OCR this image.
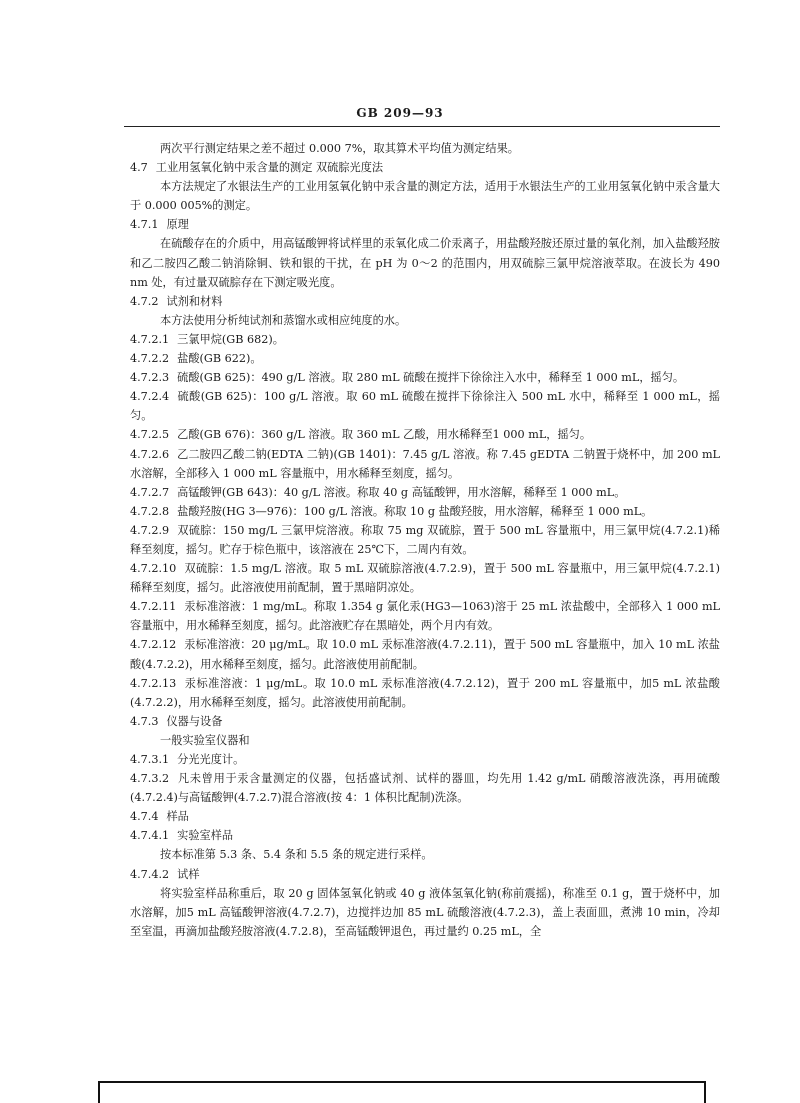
GB 209—93
两次平行测定结果之差不超过 0.000 7%，取其算术平均值为测定结果。
4.7 工业用氢氧化钠中汞含量的测定 双硫腙光度法
本方法规定了水银法生产的工业用氢氧化钠中汞含量的测定方法，适用于水银法生产的工业用氢氧化钠中汞含量大于 0.000 005%的测定。
4.7.1 原理
在硫酸存在的介质中，用高锰酸钾将试样里的汞氧化成二价汞离子，用盐酸羟胺还原过量的氧化剂，加入盐酸羟胺和乙二胺四乙酸二钠消除铜、铁和银的干扰，在 pH 为 0～2 的范围内，用双硫腙三氯甲烷溶液萃取。在波长为 490 nm 处，有过量双硫腙存在下测定吸光度。
4.7.2 试剂和材料
本方法使用分析纯试剂和蒸馏水或相应纯度的水。
4.7.2.1 三氯甲烷(GB 682)。
4.7.2.2 盐酸(GB 622)。
4.7.2.3 硫酸(GB 625)：490 g/L 溶液。取 280 mL 硫酸在搅拌下徐徐注入水中，稀释至 1 000 mL，摇匀。
4.7.2.4 硫酸(GB 625)：100 g/L 溶液。取 60 mL 硫酸在搅拌下徐徐注入 500 mL 水中，稀释至 1 000 mL，摇匀。
4.7.2.5 乙酸(GB 676)：360 g/L 溶液。取 360 mL 乙酸，用水稀释至1 000 mL，摇匀。
4.7.2.6 乙二胺四乙酸二钠(EDTA 二钠)(GB 1401)：7.45 g/L 溶液。称 7.45 gEDTA 二钠置于烧杯中，加 200 mL 水溶解，全部移入 1 000 mL 容量瓶中，用水稀释至刻度，摇匀。
4.7.2.7 高锰酸钾(GB 643)：40 g/L 溶液。称取 40 g 高锰酸钾，用水溶解，稀释至 1 000 mL。
4.7.2.8 盐酸羟胺(HG 3—976)：100 g/L 溶液。称取 10 g 盐酸羟胺，用水溶解，稀释至 1 000 mL。
4.7.2.9 双硫腙：150 mg/L 三氯甲烷溶液。称取 75 mg 双硫腙，置于 500 mL 容量瓶中，用三氯甲烷(4.7.2.1)稀释至刻度，摇匀。贮存于棕色瓶中，该溶液在 25℃下，二周内有效。
4.7.2.10 双硫腙：1.5 mg/L 溶液。取 5 mL 双硫腙溶液(4.7.2.9)，置于 500 mL 容量瓶中，用三氯甲烷(4.7.2.1)稀释至刻度，摇匀。此溶液使用前配制，置于黑暗阴凉处。
4.7.2.11 汞标准溶液：1 mg/mL。称取 1.354 g 氯化汞(HG3—1063)溶于 25 mL 浓盐酸中，全部移入 1 000 mL 容量瓶中，用水稀释至刻度，摇匀。此溶液贮存在黑暗处，两个月内有效。
4.7.2.12 汞标准溶液：20 μg/mL。取 10.0 mL 汞标准溶液(4.7.2.11)，置于 500 mL 容量瓶中，加入 10 mL 浓盐酸(4.7.2.2)，用水稀释至刻度，摇匀。此溶液使用前配制。
4.7.2.13 汞标准溶液：1 μg/mL。取 10.0 mL 汞标准溶液(4.7.2.12)，置于 200 mL 容量瓶中，加5 mL 浓盐酸(4.7.2.2)，用水稀释至刻度，摇匀。此溶液使用前配制。
4.7.3 仪器与设备
一般实验室仪器和
4.7.3.1 分光光度计。
4.7.3.2 凡未曾用于汞含量测定的仪器，包括盛试剂、试样的器皿，均先用 1.42 g/mL 硝酸溶液洗涤，再用硫酸(4.7.2.4)与高锰酸钾(4.7.2.7)混合溶液(按 4：1 体积比配制)洗涤。
4.7.4 样品
4.7.4.1 实验室样品
按本标准第 5.3 条、5.4 条和 5.5 条的规定进行采样。
4.7.4.2 试样
将实验室样品称重后，取 20 g 固体氢氧化钠或 40 g 液体氢氧化钠(称前震摇)，称准至 0.1 g，置于烧杯中，加水溶解，加5 mL 高锰酸钾溶液(4.7.2.7)，边搅拌边加 85 mL 硫酸溶液(4.7.2.3)，盖上表面皿，煮沸 10 min，冷却至室温，再滴加盐酸羟胺溶液(4.7.2.8)，至高锰酸钾退色，再过量约 0.25 mL，全
